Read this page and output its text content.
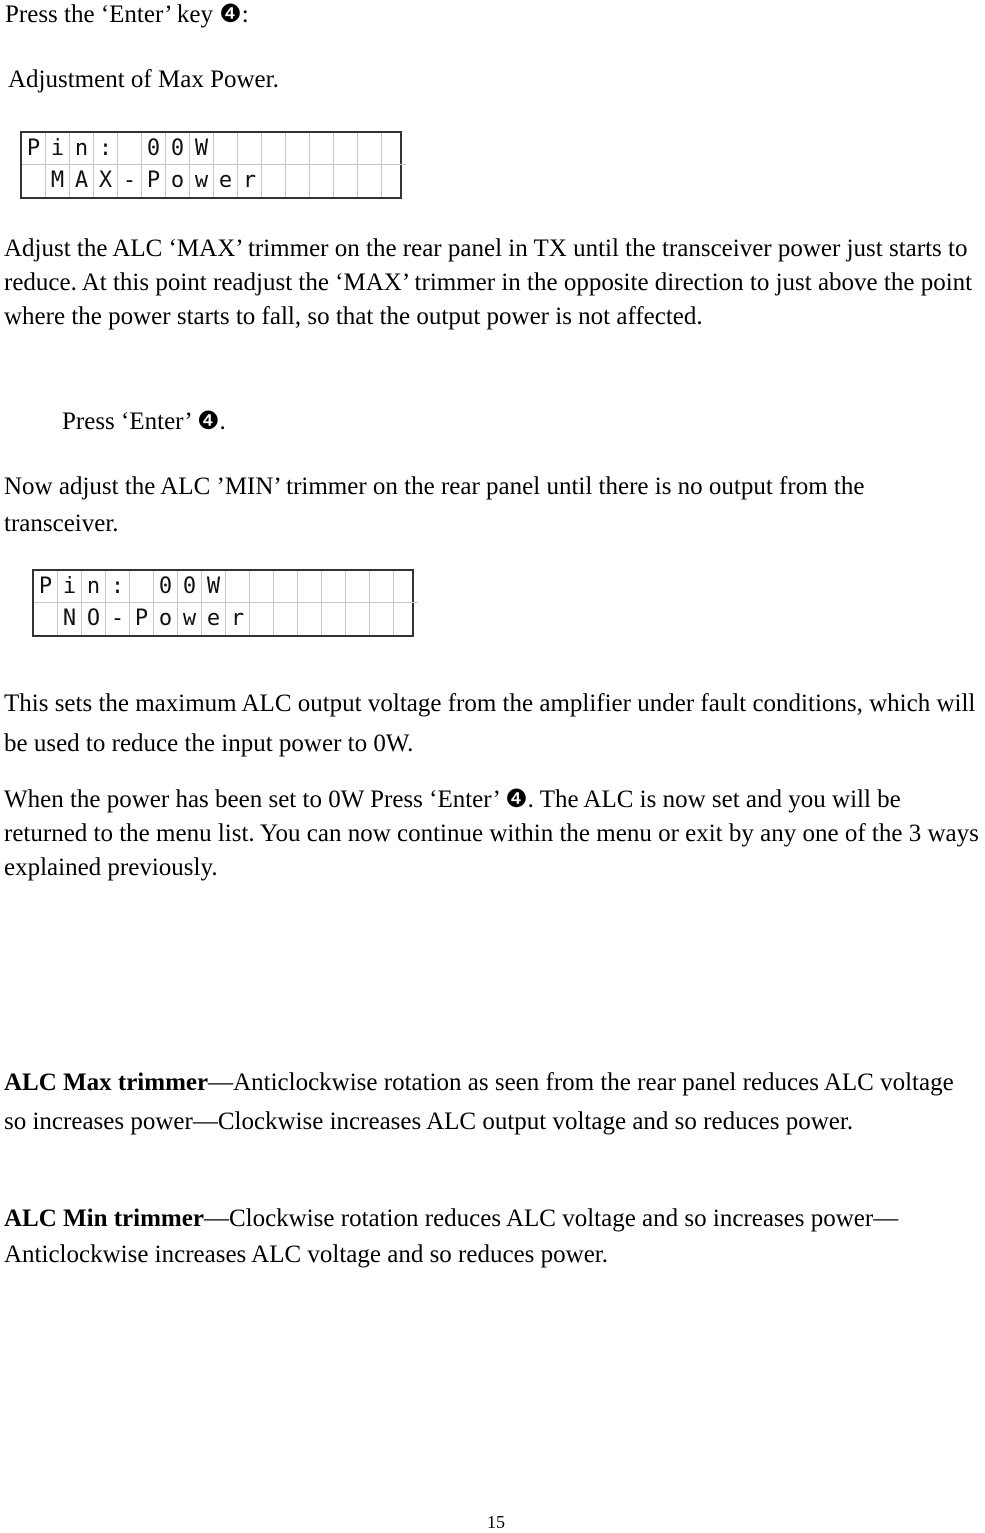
Press the ‘Enter’ key ❹:
Adjustment of Max Power.
P i n : 0 0 W
M A X - P o w e r
Adjust the ALC ‘MAX’ trimmer on the rear panel in TX until the transceiver power just starts to reduce. At this point readjust the ‘MAX’ trimmer in the opposite direction to just above the point where the power starts to fall, so that the output power is not affected.
Press ‘Enter’ ❹.
Now adjust the ALC ’MIN’ trimmer on the rear panel until there is no output from the transceiver.
P i n : 0 0 W
N O - P o w e r
This sets the maximum ALC output voltage from the amplifier under fault conditions, which will be used to reduce the input power to 0W.
When the power has been set to 0W Press ‘Enter’ ❹. The ALC is now set and you will be returned to the menu list. You can now continue within the menu or exit by any one of the 3 ways explained previously.
ALC Max trimmer—Anticlockwise rotation as seen from the rear panel reduces ALC voltage so increases power—Clockwise increases ALC output voltage and so reduces power.
ALC Min trimmer—Clockwise rotation reduces ALC voltage and so increases power—Anticlockwise increases ALC voltage and so reduces power.
15
